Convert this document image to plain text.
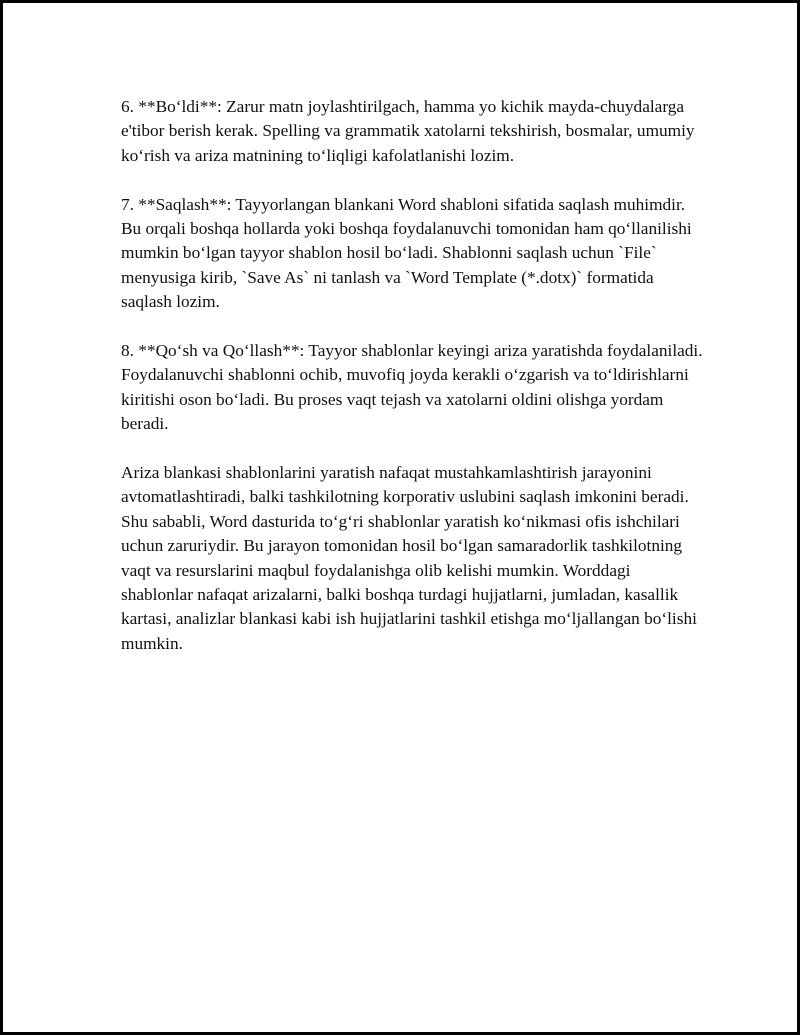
6. **Bo‘ldi**: Zarur matn joylashtirilgach, hamma yo kichik mayda-chuydalarga e'tibor berish kerak. Spelling va grammatik xatolarni tekshirish, bosmalar, umumiy ko‘rish va ariza matnining to‘liqligi kafolatlanishi lozim.

7. **Saqlash**: Tayyorlangan blankani Word shabloni sifatida saqlash muhimdir. Bu orqali boshqa hollarda yoki boshqa foydalanuvchi tomonidan ham qo‘llanilishi mumkin bo‘lgan tayyor shablon hosil bo‘ladi. Shablonni saqlash uchun `File` menyusiga kirib, `Save As` ni tanlash va `Word Template (*.dotx)` formatida saqlash lozim.

8. **Qo‘sh va Qo‘llash**: Tayyor shablonlar keyingi ariza yaratishda foydalaniladi. Foydalanuvchi shablonni ochib, muvofiq joyda kerakli o‘zgarish va to‘ldirishlarni kiritishi oson bo‘ladi. Bu proses vaqt tejash va xatolarni oldini olishga yordam beradi.

Ariza blankasi shablonlarini yaratish nafaqat mustahkamlashtirish jarayonini avtomatlashtiradi, balki tashkilotning korporativ uslubini saqlash imkonini beradi. Shu sababli, Word dasturida to‘g‘ri shablonlar yaratish ko‘nikmasi ofis ishchilari uchun zaruriydir. Bu jarayon tomonidan hosil bo‘lgan samaradorlik tashkilotning vaqt va resurslarini maqbul foydalanishga olib kelishi mumkin. Worddagi shablonlar nafaqat arizalarni, balki boshqa turdagi hujjatlarni, jumladan, kasallik kartasi, analizlar blankasi kabi ish hujjatlarini tashkil etishga mo‘ljallangan bo‘lishi mumkin.
